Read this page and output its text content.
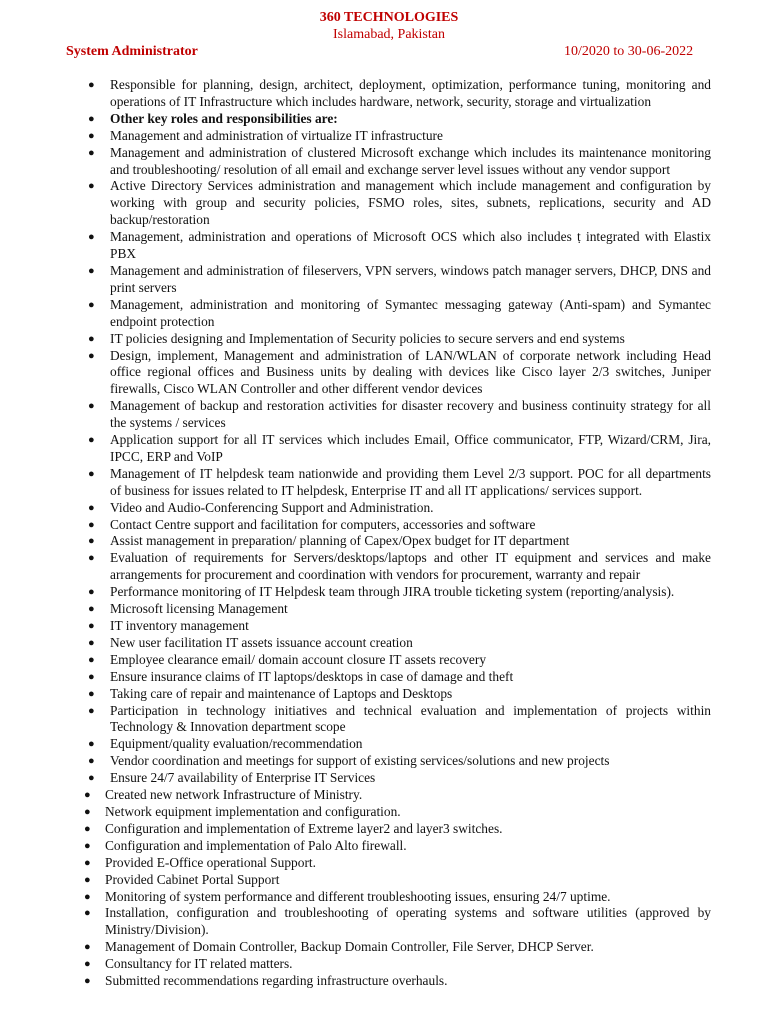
360 TECHNOLOGIES
Islamabad, Pakistan
System Administrator	10/2020 to 30-06-2022
● Responsible for planning, design, architect, deployment, optimization, performance tuning, monitoring and operations of IT Infrastructure which includes hardware, network, security, storage and virtualization
● Other key roles and responsibilities are:
● Management and administration of virtualize IT infrastructure
● Management and administration of clustered Microsoft exchange which includes its maintenance monitoring and troubleshooting/ resolution of all email and exchange server level issues without any vendor support
● Active Directory Services administration and management which include management and configuration by working with group and security policies, FSMO roles, sites, subnets, replications, security and AD backup/restoration
● Management, administration and operations of Microsoft OCS which also includes ṭ integrated with Elastix PBX
● Management and administration of fileservers, VPN servers, windows patch manager servers, DHCP, DNS and print servers
● Management, administration and monitoring of Symantec messaging gateway (Anti-spam) and Symantec endpoint protection
● IT policies designing and Implementation of Security policies to secure servers and end systems
● Design, implement, Management and administration of LAN/WLAN of corporate network including Head office regional offices and Business units by dealing with devices like Cisco layer 2/3 switches, Juniper firewalls, Cisco WLAN Controller and other different vendor devices
● Management of backup and restoration activities for disaster recovery and business continuity strategy for all the systems / services
● Application support for all IT services which includes Email, Office communicator, FTP, Wizard/CRM, Jira, IPCC, ERP and VoIP
● Management of IT helpdesk team nationwide and providing them Level 2/3 support. POC for all departments of business for issues related to IT helpdesk, Enterprise IT and all IT applications/ services support.
● Video and Audio-Conferencing Support and Administration.
● Contact Centre support and facilitation for computers, accessories and software
● Assist management in preparation/ planning of Capex/Opex budget for IT department
● Evaluation of requirements for Servers/desktops/laptops and other IT equipment and services and make arrangements for procurement and coordination with vendors for procurement, warranty and repair
● Performance monitoring of IT Helpdesk team through JIRA trouble ticketing system (reporting/analysis).
● Microsoft licensing Management
● IT inventory management
● New user facilitation IT assets issuance account creation
● Employee clearance email/ domain account closure IT assets recovery
● Ensure insurance claims of IT laptops/desktops in case of damage and theft
● Taking care of repair and maintenance of Laptops and Desktops
● Participation in technology initiatives and technical evaluation and implementation of projects within Technology & Innovation department scope
● Equipment/quality evaluation/recommendation
● Vendor coordination and meetings for support of existing services/solutions and new projects
● Ensure 24/7 availability of Enterprise IT Services
● Created new network Infrastructure of Ministry.
● Network equipment implementation and configuration.
● Configuration and implementation of Extreme layer2 and layer3 switches.
● Configuration and implementation of Palo Alto firewall.
● Provided E-Office operational Support.
● Provided Cabinet Portal Support
● Monitoring of system performance and different troubleshooting issues, ensuring 24/7 uptime.
● Installation, configuration and troubleshooting of operating systems and software utilities (approved by Ministry/Division).
● Management of Domain Controller, Backup Domain Controller, File Server, DHCP Server.
● Consultancy for IT related matters.
● Submitted recommendations regarding infrastructure overhauls.
